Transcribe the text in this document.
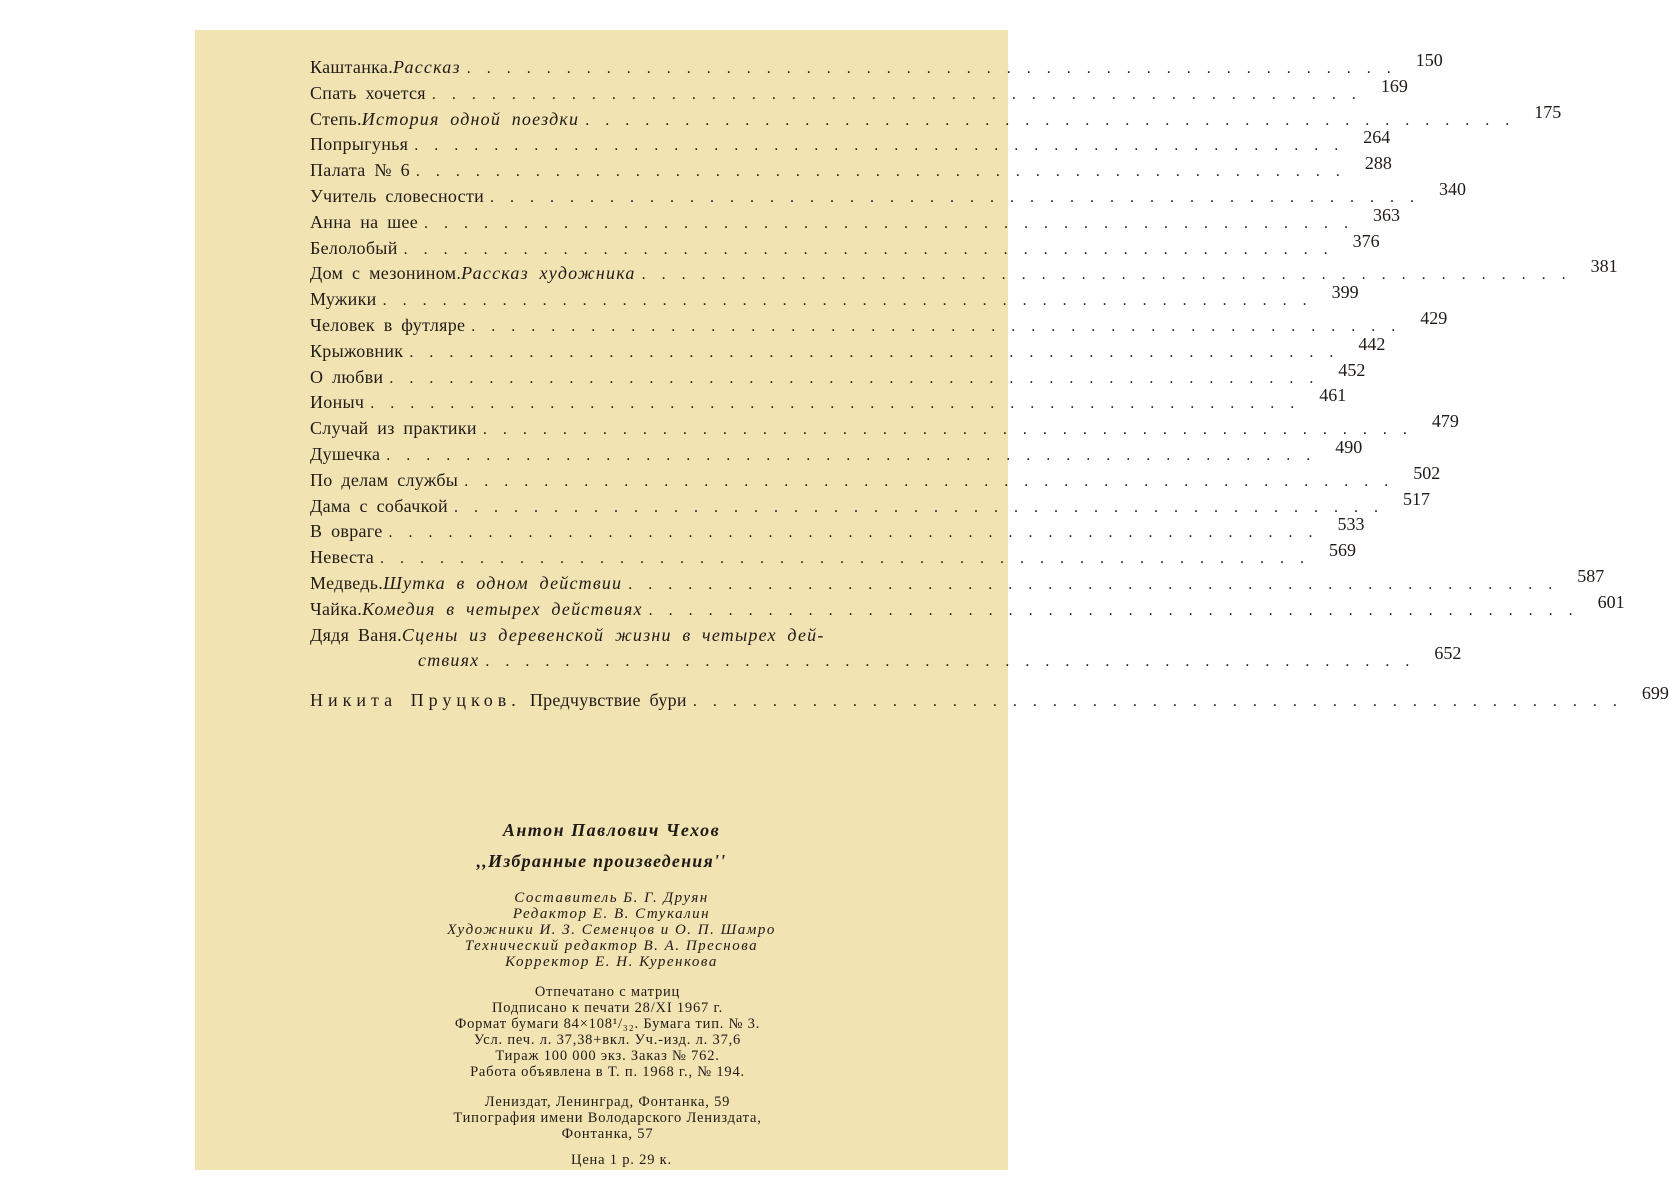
Каштанка. Рассказ . . . . . . . . . . . . . . . . . . . . . . . . . . . . . . . . . . . . . . . . . . . . . . .	150
Спать хочется . . . . . . . . . . . . . . . . . . . . . . . . . . . . . . . . . . . . . . . . . . . . . . .	169
Степь. История одной поездки . . . . . . . . . . . . . . . . . . . . . . . . . . . . . . . . . . . . . . . . . . . . . . .	175
Попрыгунья . . . . . . . . . . . . . . . . . . . . . . . . . . . . . . . . . . . . . . . . . . . . . . .	264
Палата № 6 . . . . . . . . . . . . . . . . . . . . . . . . . . . . . . . . . . . . . . . . . . . . . . .	288
Учитель словесности . . . . . . . . . . . . . . . . . . . . . . . . . . . . . . . . . . . . . . . . . . . . . . .	340
Анна на шее . . . . . . . . . . . . . . . . . . . . . . . . . . . . . . . . . . . . . . . . . . . . . . .	363
Белолобый . . . . . . . . . . . . . . . . . . . . . . . . . . . . . . . . . . . . . . . . . . . . . . .	376
Дом с мезонином. Рассказ художника . . . . . . . . . . . . . . . . . . . . . . . . . . . . . . . . . . . . . . . . . . . . . . .	381
Мужики . . . . . . . . . . . . . . . . . . . . . . . . . . . . . . . . . . . . . . . . . . . . . . .	399
Человек в футляре . . . . . . . . . . . . . . . . . . . . . . . . . . . . . . . . . . . . . . . . . . . . . . .	429
Крыжовник . . . . . . . . . . . . . . . . . . . . . . . . . . . . . . . . . . . . . . . . . . . . . . .	442
О любви . . . . . . . . . . . . . . . . . . . . . . . . . . . . . . . . . . . . . . . . . . . . . . .	452
Ионыч . . . . . . . . . . . . . . . . . . . . . . . . . . . . . . . . . . . . . . . . . . . . . . .	461
Случай из практики . . . . . . . . . . . . . . . . . . . . . . . . . . . . . . . . . . . . . . . . . . . . . . .	479
Душечка . . . . . . . . . . . . . . . . . . . . . . . . . . . . . . . . . . . . . . . . . . . . . . .	490
По делам службы . . . . . . . . . . . . . . . . . . . . . . . . . . . . . . . . . . . . . . . . . . . . . . .	502
Дама с собачкой . . . . . . . . . . . . . . . . . . . . . . . . . . . . . . . . . . . . . . . . . . . . . . .	517
В овраге . . . . . . . . . . . . . . . . . . . . . . . . . . . . . . . . . . . . . . . . . . . . . . .	533
Невеста . . . . . . . . . . . . . . . . . . . . . . . . . . . . . . . . . . . . . . . . . . . . . . .	569
Медведь. Шутка в одном действии . . . . . . . . . . . . . . . . . . . . . . . . . . . . . . . . . . . . . . . . . . . . . . .	587
Чайка. Комедия в четырех действиях . . . . . . . . . . . . . . . . . . . . . . . . . . . . . . . . . . . . . . . . . . . . . . .	601
Дядя Ваня. Сцены из деревенской жизни в четырех дей-
ствиях . . . . . . . . . . . . . . . . . . . . . . . . . . . . . . . . . . . . . . . . . . . . . . .	652
Никита Пруцков.
Предчувствие бури . . . . . . . . . . . . . . . . . . . . . . . . . . . . . . . . . . . . . . . . . . . . . . .	699
Антон Павлович Чехов
,,Избранные произведения''
Составитель Б. Г. Друян
Редактор Е. В. Стукалин
Художники И. З. Семенцов и О. П. Шамро
Технический редактор В. А. Преснова
Корректор Е. Н. Куренкова
Отпечатано с матриц
Подписано к печати 28/XI 1967 г.
Формат бумаги 84×108¹/₃₂. Бумага тип. № 3.
Усл. печ. л. 37,38+вкл. Уч.-изд. л. 37,6
Тираж 100 000 экз. Заказ № 762.
Работа объявлена в Т. п. 1968 г., № 194.
Лениздат, Ленинград, Фонтанка, 59
Типография имени Володарского Лениздата,
Фонтанка, 57
Цена 1 р. 29 к.
